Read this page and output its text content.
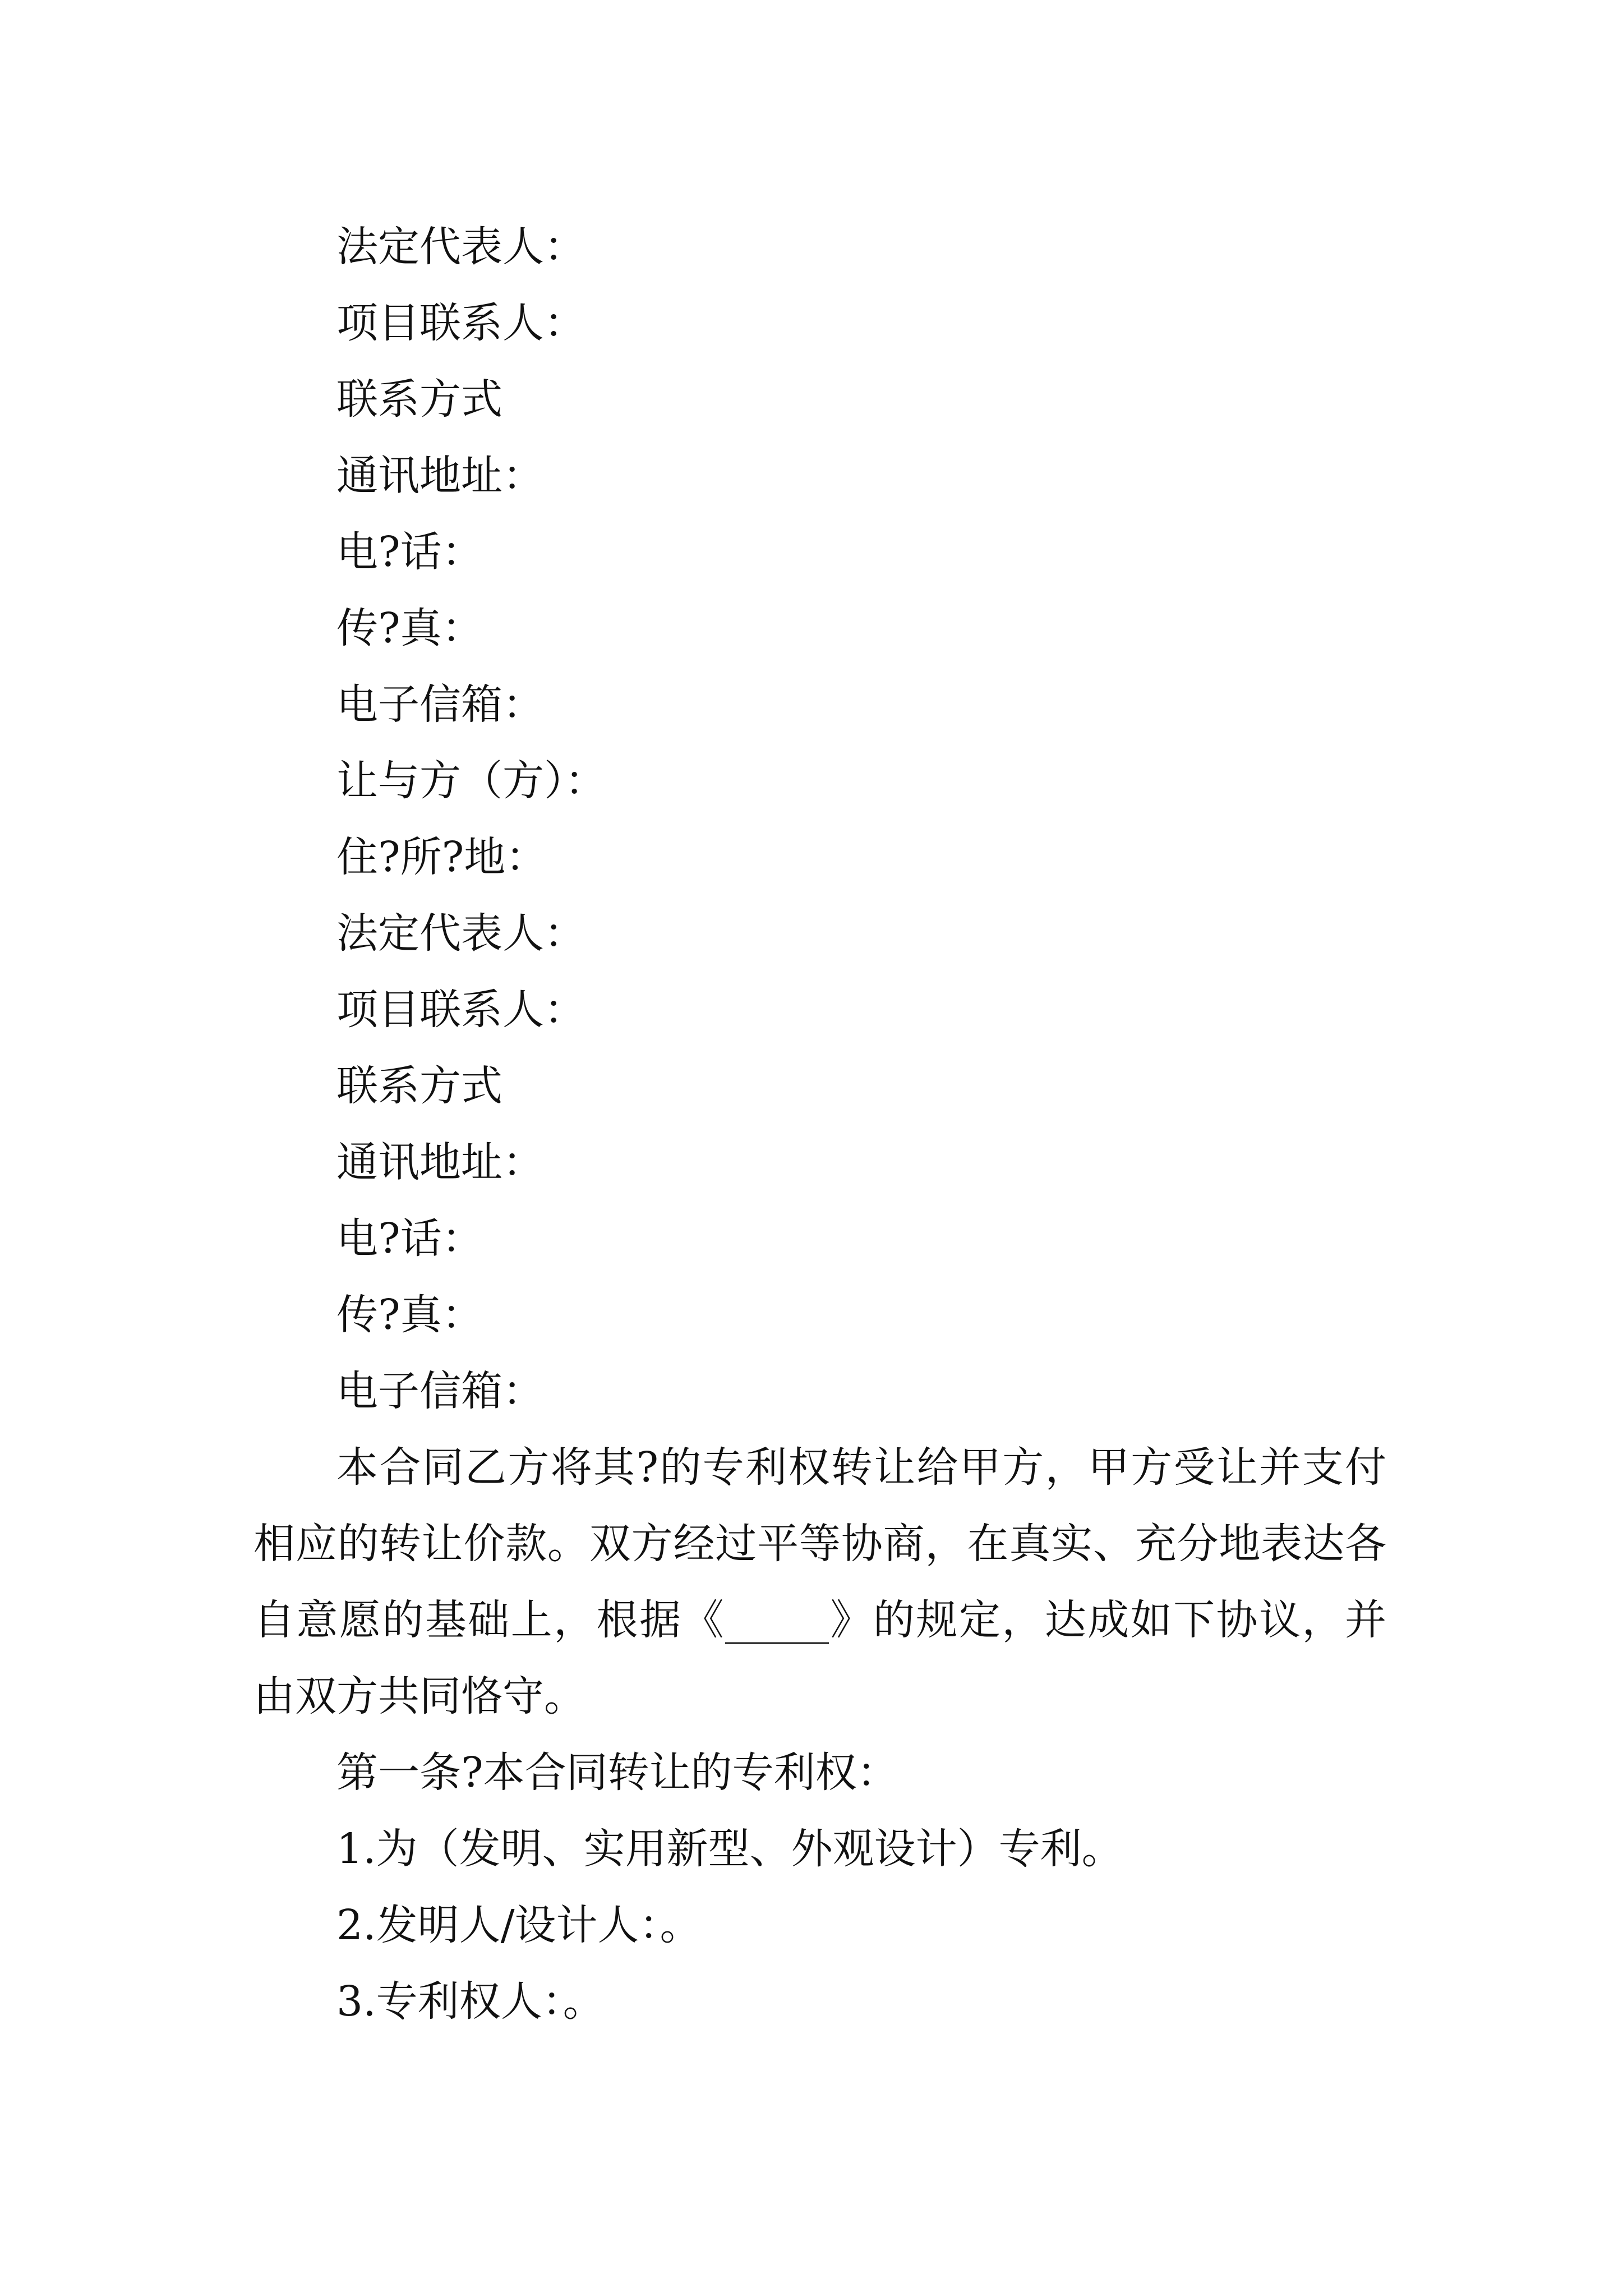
法定代表人：
项目联系人：
联系方式
通讯地址：
电?话：
传?真：
电子信箱：
让与方（方）：
住?所?地：
法定代表人：
项目联系人：
联系方式
通讯地址：
电?话：
传?真：
电子信箱：

本合同乙方将其?的专利权转让给甲方，甲方受让并支付相应的转让价款。双方经过平等协商，在真实、充分地表达各自意愿的基础上，根据《_____》的规定，达成如下协议，并由双方共同恪守。

第一条?本合同转让的专利权：
1.为（发明、实用新型、外观设计）专利。
2.发明人/设计人：。
3.专利权人：。
